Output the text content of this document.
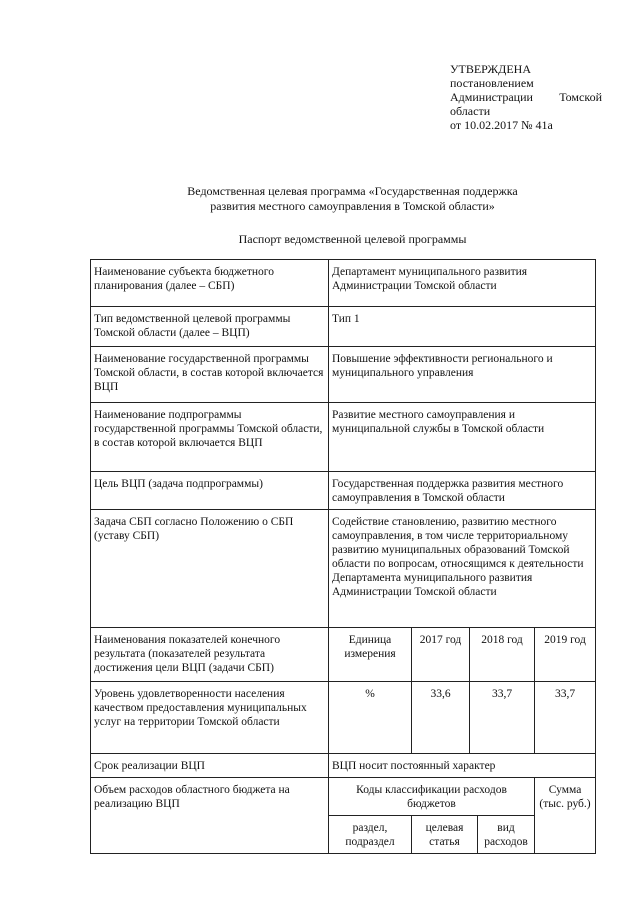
УТВЕРЖДЕНА
постановлением
Администрации Томской
области
от 10.02.2017 № 41а
Ведомственная целевая программа «Государственная поддержка
развития местного самоуправления в Томской области»
Паспорт ведомственной целевой программы
Наименование субъекта бюджетного планирования (далее – СБП)	Департамент муниципального развития Администрации Томской области				
Тип ведомственной целевой программы Томской области (далее – ВЦП)	Тип 1				
Наименование государственной программы Томской области, в состав которой включается ВЦП	Повышение эффективности регионального и муниципального управления				
Наименование подпрограммы государственной программы Томской области, в состав которой включается ВЦП	Развитие местного самоуправления и муниципальной службы в Томской области				
Цель ВЦП (задача подпрограммы)	Государственная поддержка развития местного самоуправления в Томской области				
Задача СБП согласно Положению о СБП (уставу СБП)	Содействие становлению, развитию местного самоуправления, в том числе территориальному развитию муниципальных образований Томской области по вопросам, относящимся к деятельности Департамента муниципального развития Администрации Томской области				
Наименования показателей конечного результата (показателей результата достижения цели ВЦП (задачи СБП)	Единица измерения	2017 год	2018 год		2019 год
Уровень удовлетворенности населения качеством предоставления муниципальных услуг на территории Томской области	%	33,6	33,7		33,7
Срок реализации ВЦП	ВЦП носит постоянный характер				
Объем расходов областного бюджета на реализацию ВЦП	Коды классификации расходов бюджетов				Сумма (тыс. руб.)
	раздел, подраздел	целевая статья		вид расходов	
